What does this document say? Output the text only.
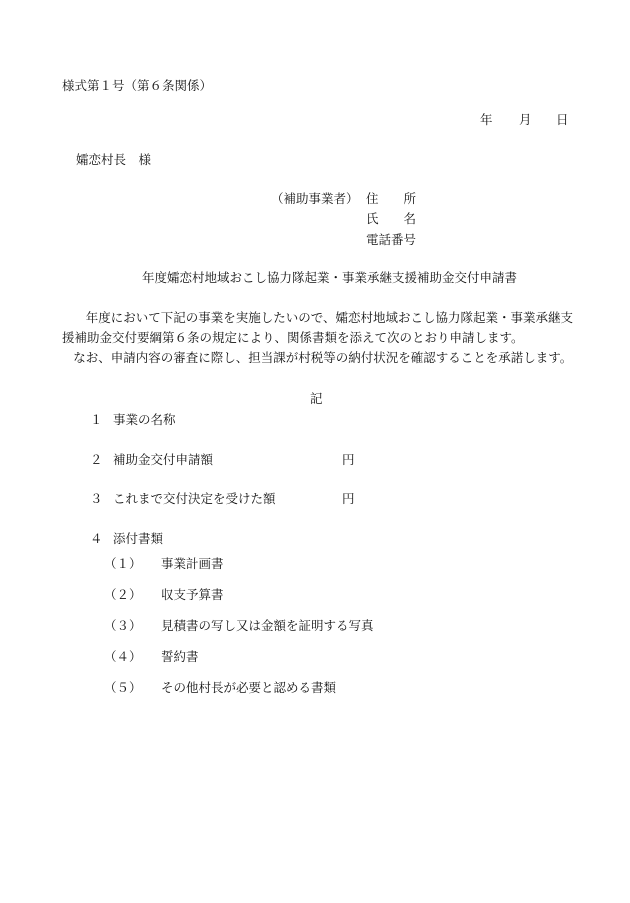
様式第１号（第６条関係）
年 月 日
孀恋村長　様
（補助事業者） 住　　所
氏　　名
電話番号
年度孀恋村地域おこし協力隊起業・事業承継支援補助金交付申請書

年度において下記の事業を実施したいので、孀恋村地域おこし協力隊起業・事業承継支援補助金交付要綱第６条の規定により、関係書類を添えて次のとおり申請します。

なお、申請内容の審査に際し、担当課が村税等の納付状況を確認することを承諾します。

記
１ 事業の名称
２ 補助金交付申請額	円
３ これまで交付決定を受けた額	円
４ 添付書類
（１） 事業計画書
（２） 収支予算書
（３） 見積書の写し又は金額を証明する写真
（４） 誓約書
（５） その他村長が必要と認める書類
